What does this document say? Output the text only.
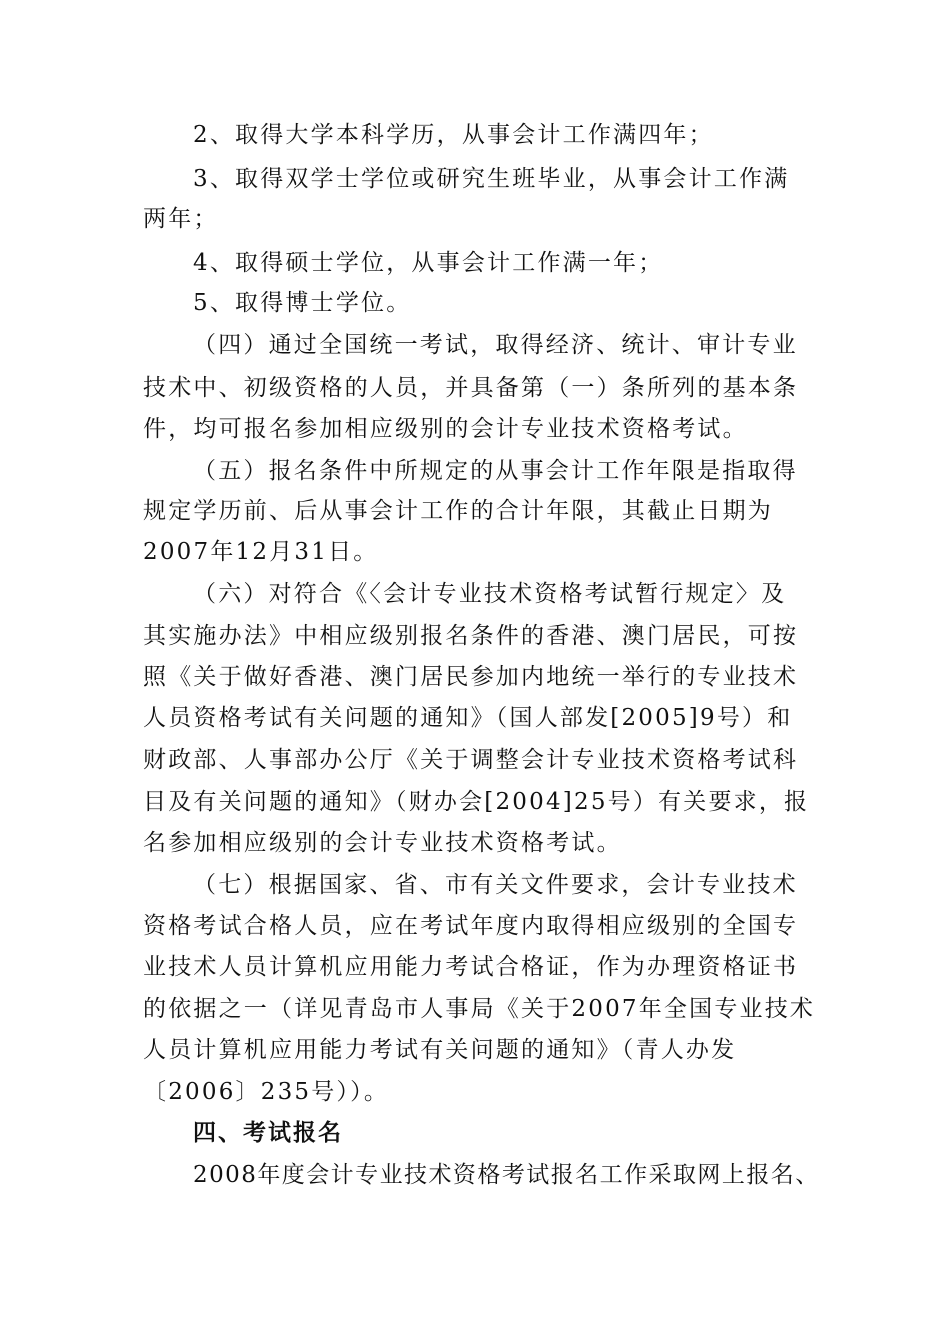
2、取得大学本科学历，从事会计工作满四年；

3、取得双学士学位或研究生班毕业，从事会计工作满

两年；

4、取得硕士学位，从事会计工作满一年；

5、取得博士学位。

（四）通过全国统一考试，取得经济、统计、审计专业

技术中、初级资格的人员，并具备第（一）条所列的基本条

件，均可报名参加相应级别的会计专业技术资格考试。

（五）报名条件中所规定的从事会计工作年限是指取得

规定学历前、后从事会计工作的合计年限，其截止日期为

2007年12月31日。

（六）对符合《〈会计专业技术资格考试暂行规定〉及

其实施办法》中相应级别报名条件的香港、澳门居民，可按

照《关于做好香港、澳门居民参加内地统一举行的专业技术

人员资格考试有关问题的通知》（国人部发[2005]9号）和

财政部、人事部办公厅《关于调整会计专业技术资格考试科

目及有关问题的通知》（财办会[2004]25号）有关要求，报

名参加相应级别的会计专业技术资格考试。

（七）根据国家、省、市有关文件要求，会计专业技术

资格考试合格人员，应在考试年度内取得相应级别的全国专

业技术人员计算机应用能力考试合格证，作为办理资格证书

的依据之一（详见青岛市人事局《关于2007年全国专业技术

人员计算机应用能力考试有关问题的通知》（青人办发

〔2006〕235号））。

四、考试报名

2008年度会计专业技术资格考试报名工作采取网上报名、
